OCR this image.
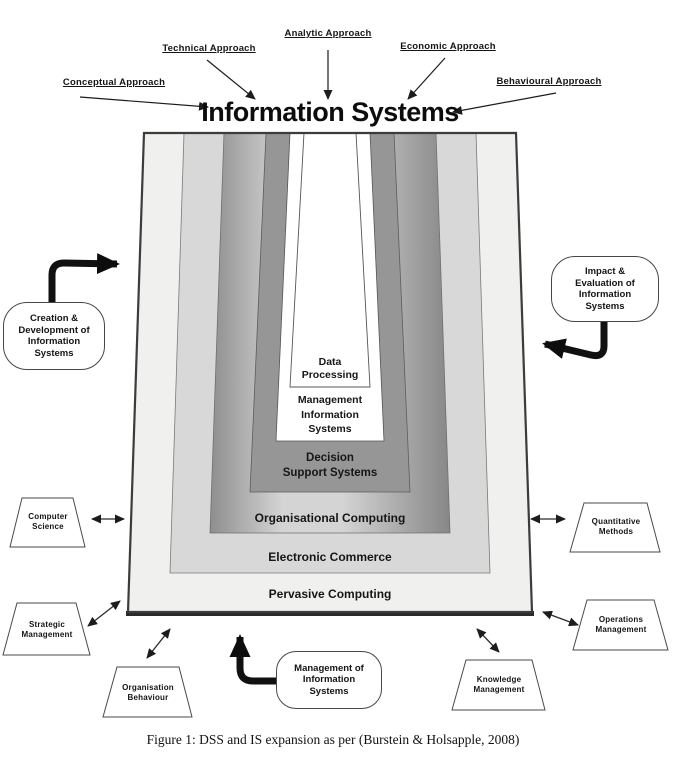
Conceptual Approach
Technical Approach
Analytic Approach
Economic Approach
Behavioural Approach
Information Systems
Data
Processing
Management
Information
Systems
Decision
Support Systems
Organisational Computing
Electronic Commerce
Pervasive Computing
Creation &
Development of
Information
Systems
Impact &
Evaluation of
Information
Systems
Management of
Information
Systems
Computer
Science
Strategic
Management
Organisation
Behaviour
Quantitative
Methods
Operations
Management
Knowledge
Management
Figure 1: DSS and IS expansion as per (Burstein & Holsapple, 2008)
